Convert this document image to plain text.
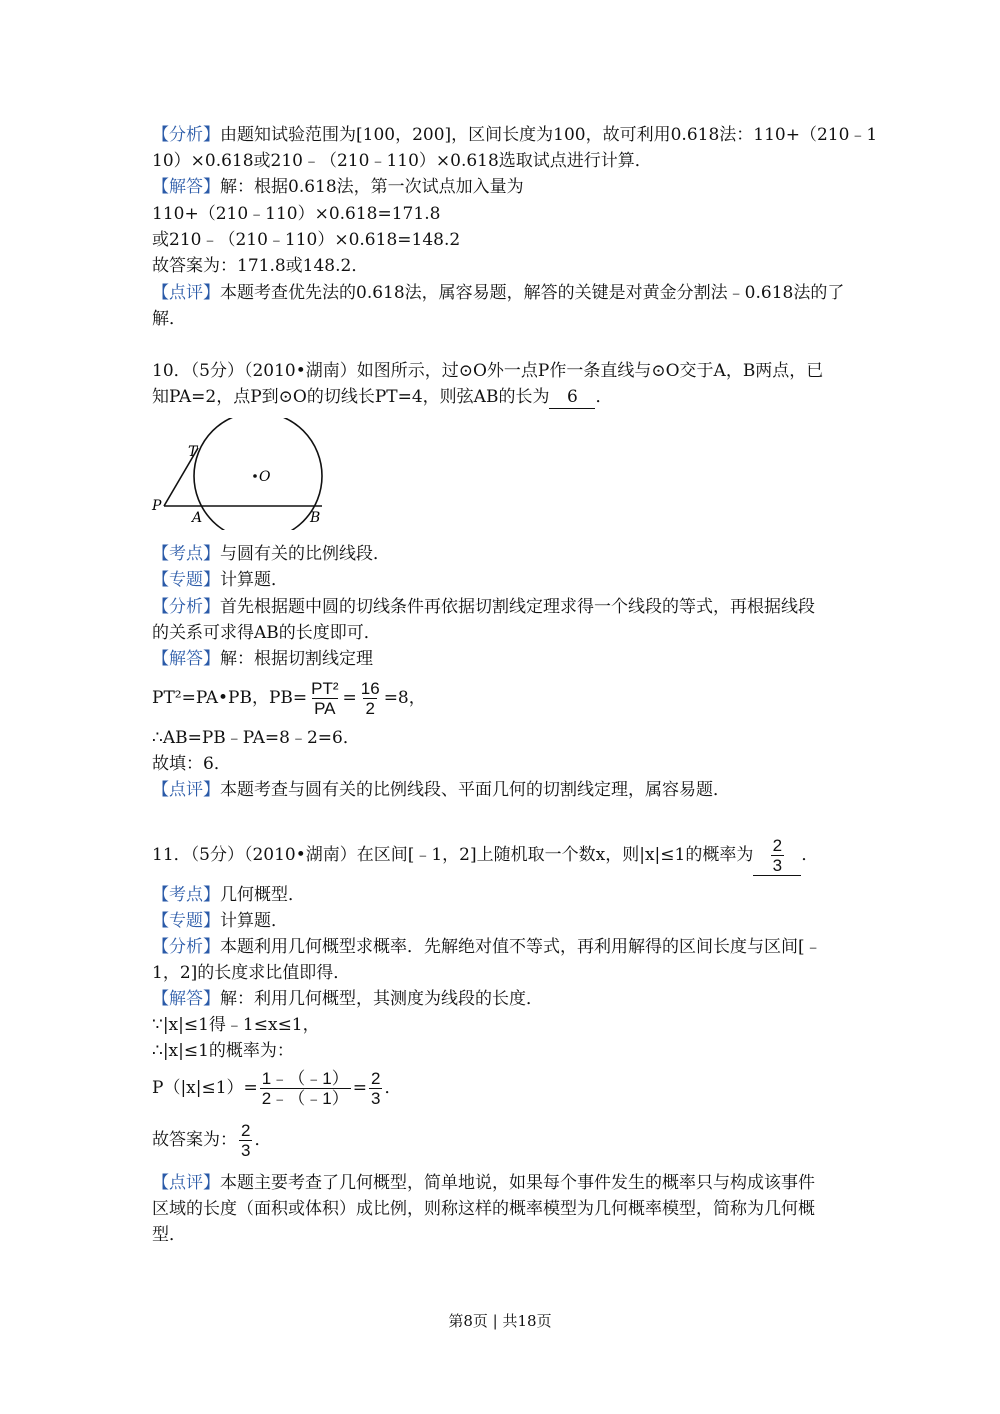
【分析】由题知试验范围为[100，200]，区间长度为100，故可利用0.618法：110+（210﹣1
10）×0.618或210﹣（210﹣110）×0.618选取试点进行计算．
【解答】解：根据0.618法，第一次试点加入量为
110+（210﹣110）×0.618=171.8
或210﹣（210﹣110）×0.618=148.2
故答案为：171.8或148.2．
【点评】本题考查优先法的0.618法，属容易题，解答的关键是对黄金分割法﹣0.618法的了
解．
10．（5分）（2010•湖南）如图所示，过⊙O外一点P作一条直线与⊙O交于A，B两点，已
知PA=2，点P到⊙O的切线长PT=4，则弦AB的长为 6 ．
T
O
P
A	B
【考点】与圆有关的比例线段．
【专题】计算题．
【分析】首先根据题中圆的切线条件再依据切割线定理求得一个线段的等式，再根据线段
的关系可求得AB的长度即可．
【解答】解：根据切割线定理
PT²=PA•PB，$PB= \frac{\text{PT²}}{PA} = \frac{16}{2} =8$，
∴AB=PB﹣PA=8﹣2=6．
故填：6．
【点评】本题考查与圆有关的比例线段、平面几何的切割线定理，属容易题．
11．（5分）（2010•湖南）在区间[﹣1，2]上随机取一个数x，则|x|≤1的概率为 $\frac{2}{3}$ ．
【考点】几何概型．
【专题】计算题．
【分析】本题利用几何概型求概率．先解绝对值不等式，再利用解得的区间长度与区间[﹣
1，2]的长度求比值即得．
【解答】解：利用几何概型，其测度为线段的长度．
∵|x|≤1得﹣1≤x≤1，
∴|x|≤1的概率为：
$P(|x|\le 1)= \frac{1﹣(﹣1)}{2﹣(﹣1)} = \frac{2}{3}$ ．
故答案为： $\frac{2}{3}$ ．
【点评】本题主要考查了几何概型，简单地说，如果每个事件发生的概率只与构成该事件
区域的长度（面积或体积）成比例，则称这样的概率模型为几何概率模型，简称为几何概
型．
第8页 | 共18页
